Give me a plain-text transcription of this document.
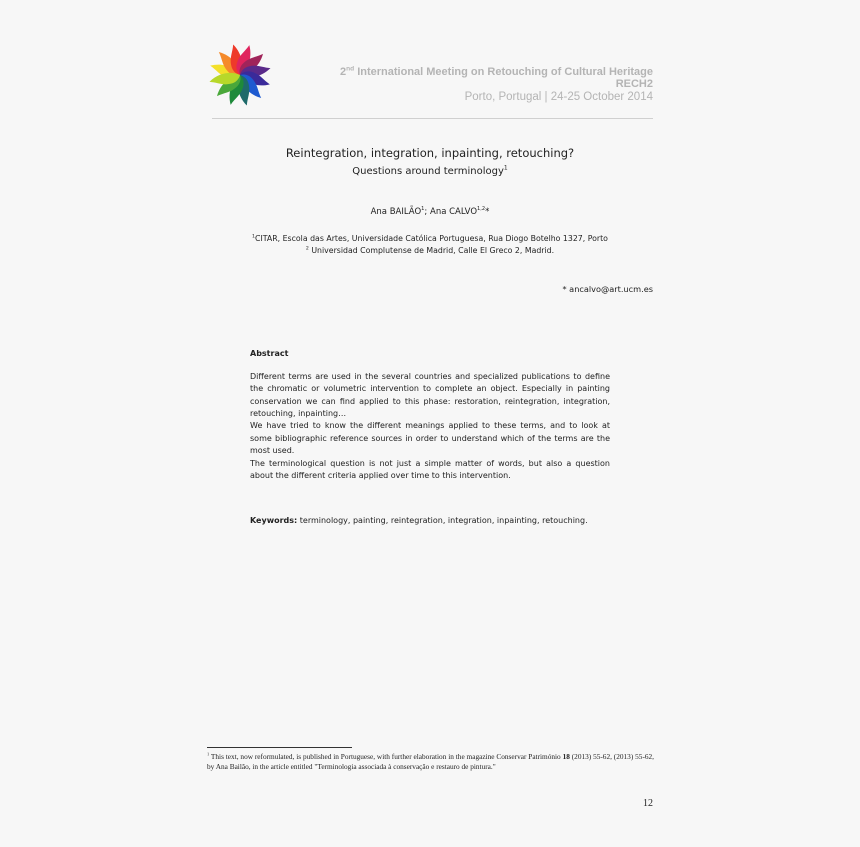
2nd International Meeting on Retouching of Cultural Heritage
RECH2
Porto, Portugal | 24-25 October 2014
Reintegration, integration, inpainting, retouching?
Questions around terminology$^1$
Ana BAILÃO$^1$; Ana CALVO$^{1,2}$*
$^1$CITAR, Escola das Artes, Universidade Católica Portuguesa, Rua Diogo Botelho 1327, Porto
$^2$ Universidad Complutense de Madrid, Calle El Greco 2, Madrid.
* ancalvo@art.ucm.es
Abstract
Different terms are used in the several countries and specialized publications to define
the chromatic or volumetric intervention to complete an object. Especially in painting
conservation we can find applied to this phase: restoration, reintegration, integration,
retouching, inpainting…
We have tried to know the different meanings applied to these terms, and to look at
some bibliographic reference sources in order to understand which of the terms are the
most used.
The terminological question is not just a simple matter of words, but also a question
about the different criteria applied over time to this intervention.
Keywords: terminology, painting, reintegration, integration, inpainting, retouching.
$^1$ This text, now reformulated, is published in Portuguese, with further elaboration in the magazine Conservar Património 18 (2013) 55-62, (2013) 55-62, by Ana Bailão, in the article entitled "Terminologia associada à conservação e restauro de pintura."
12
